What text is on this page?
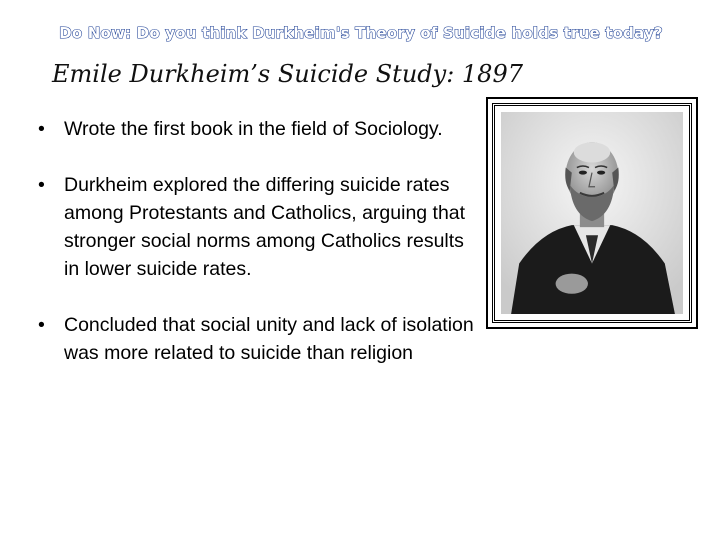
Do Now: Do you think Durkheim's Theory of Suicide holds true today?
Emile Durkheim’s Suicide Study: 1897
• Wrote the first book in the field of Sociology.
• Durkheim explored the differing suicide rates among Protestants and Catholics, arguing that stronger social norms among Catholics results in lower suicide rates.
• Concluded that social unity and lack of isolation was more related to suicide than religion
